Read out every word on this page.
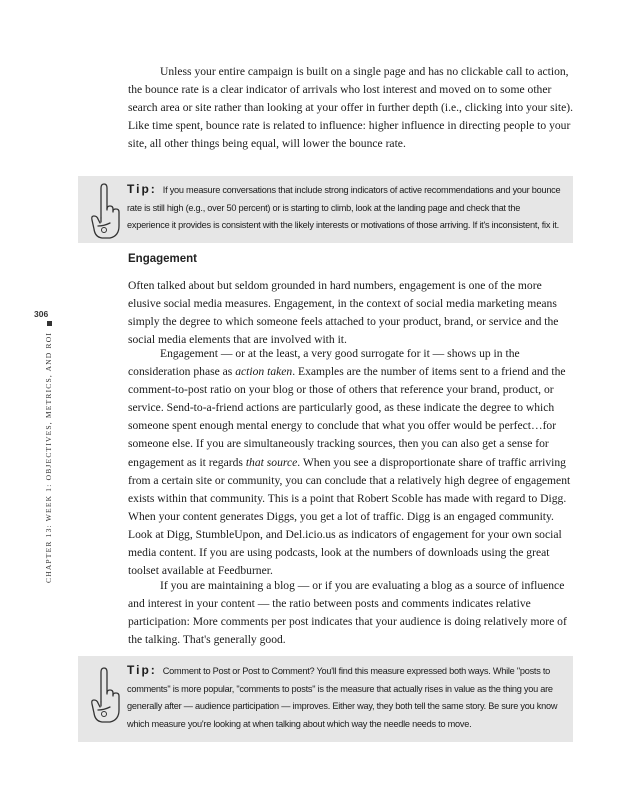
306
CHAPTER 13: WEEK 1: OBJECTIVES, METRICS, AND ROI

Unless your entire campaign is built on a single page and has no clickable call to action, the bounce rate is a clear indicator of arrivals who lost interest and moved on to some other search area or site rather than looking at your offer in further depth (i.e., clicking into your site). Like time spent, bounce rate is related to influence: higher influence in directing people to your site, all other things being equal, will lower the bounce rate.

Tip: If you measure conversations that include strong indicators of active recommendations and your bounce rate is still high (e.g., over 50 percent) or is starting to climb, look at the landing page and check that the experience it provides is consistent with the likely interests or motivations of those arriving. If it's inconsistent, fix it.
Engagement

Often talked about but seldom grounded in hard numbers, engagement is one of the more elusive social media measures. Engagement, in the context of social media marketing means simply the degree to which someone feels attached to your product, brand, or service and the social media elements that are involved with it.

Engagement — or at the least, a very good surrogate for it — shows up in the consideration phase as action taken. Examples are the number of items sent to a friend and the comment-to-post ratio on your blog or those of others that reference your brand, product, or service. Send-to-a-friend actions are particularly good, as these indicate the degree to which someone spent enough mental energy to conclude that what you offer would be perfect…for someone else. If you are simultaneously tracking sources, then you can also get a sense for engagement as it regards that source. When you see a disproportionate share of traffic arriving from a certain site or community, you can conclude that a relatively high degree of engagement exists within that community. This is a point that Robert Scoble has made with regard to Digg. When your content generates Diggs, you get a lot of traffic. Digg is an engaged community. Look at Digg, StumbleUpon, and Del.icio.us as indicators of engagement for your own social media content. If you are using podcasts, look at the numbers of downloads using the great toolset available at Feedburner.

If you are maintaining a blog — or if you are evaluating a blog as a source of influence and interest in your content — the ratio between posts and comments indicates relative participation: More comments per post indicates that your audience is doing relatively more of the talking. That's generally good.

Tip: Comment to Post or Post to Comment? You'll find this measure expressed both ways. While "posts to comments" is more popular, "comments to posts" is the measure that actually rises in value as the thing you are generally after — audience participation — improves. Either way, they both tell the same story. Be sure you know which measure you're looking at when talking about which way the needle needs to move.
